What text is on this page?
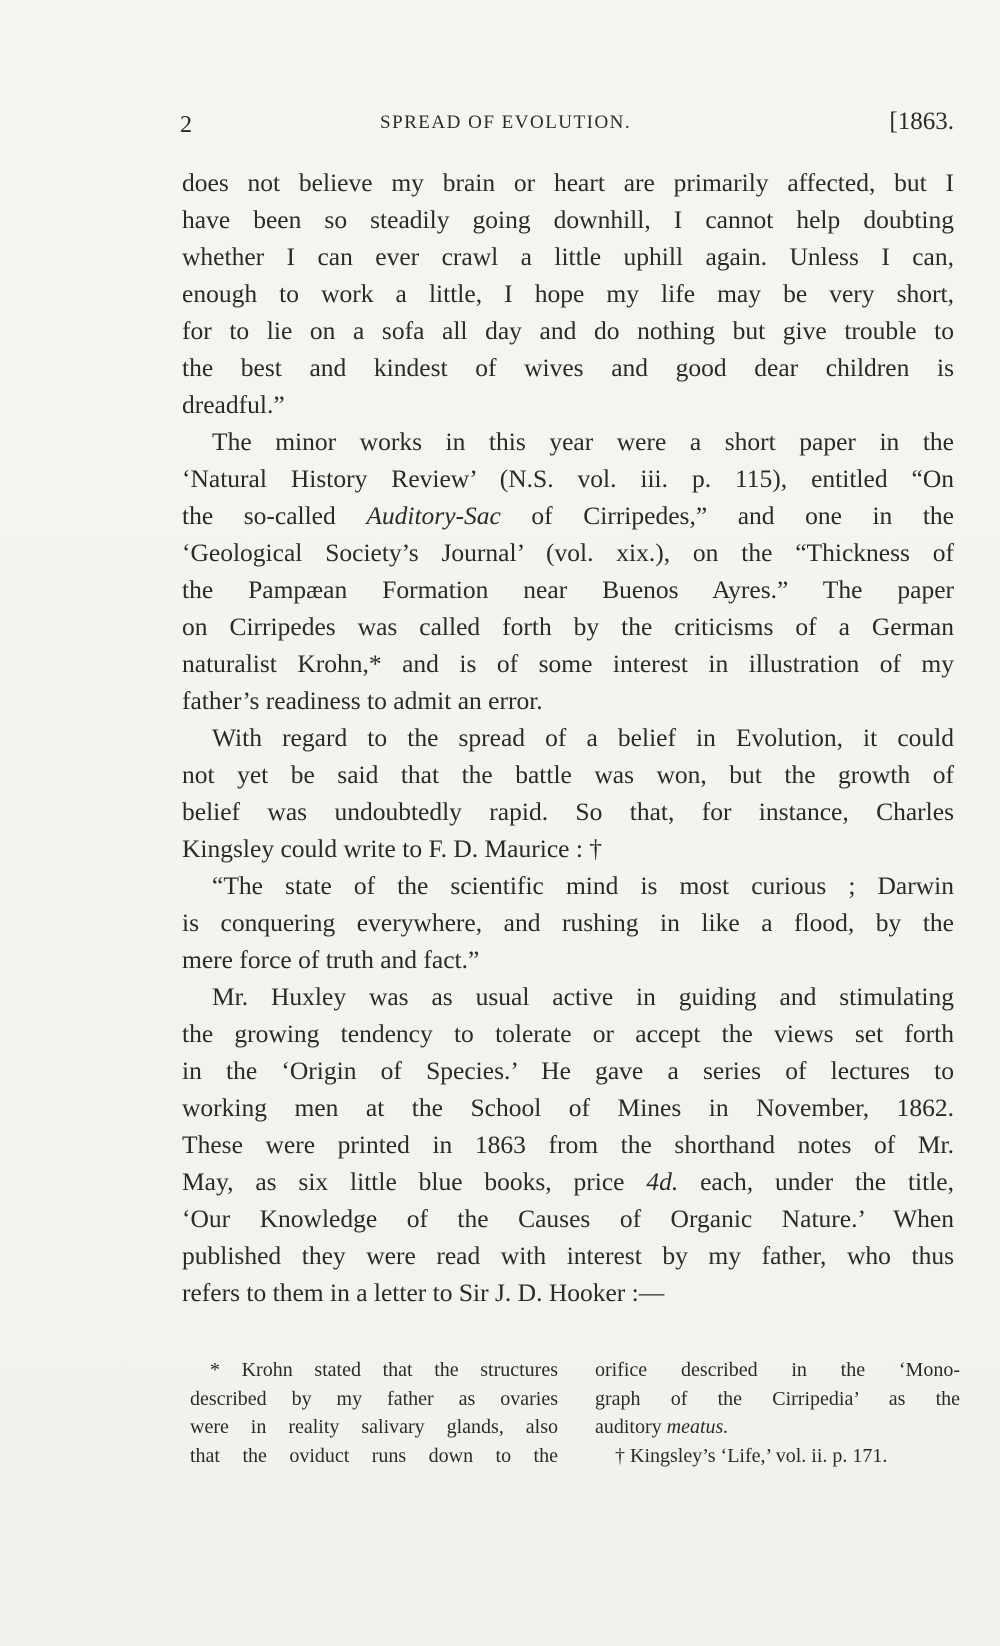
2	SPREAD OF EVOLUTION.	[1863.
does not believe my brain or heart are primarily affected, but I
have been so steadily going downhill, I cannot help doubting
whether I can ever crawl a little uphill again. Unless I can,
enough to work a little, I hope my life may be very short,
for to lie on a sofa all day and do nothing but give trouble to
the best and kindest of wives and good dear children is
dreadful.”
The minor works in this year were a short paper in the
‘Natural History Review’ (N.S. vol. iii. p. 115), entitled “On
the so-called Auditory-Sac of Cirripedes,” and one in the
‘Geological Society’s Journal’ (vol. xix.), on the “Thickness of
the Pampæan Formation near Buenos Ayres.” The paper
on Cirripedes was called forth by the criticisms of a German
naturalist Krohn,* and is of some interest in illustration of my
father’s readiness to admit an error.
With regard to the spread of a belief in Evolution, it could
not yet be said that the battle was won, but the growth of
belief was undoubtedly rapid. So that, for instance, Charles
Kingsley could write to F. D. Maurice : †
“The state of the scientific mind is most curious ; Darwin
is conquering everywhere, and rushing in like a flood, by the
mere force of truth and fact.”
Mr. Huxley was as usual active in guiding and stimulating
the growing tendency to tolerate or accept the views set forth
in the ‘Origin of Species.’ He gave a series of lectures to
working men at the School of Mines in November, 1862.
These were printed in 1863 from the shorthand notes of Mr.
May, as six little blue books, price 4d. each, under the title,
‘Our Knowledge of the Causes of Organic Nature.’ When
published they were read with interest by my father, who thus
refers to them in a letter to Sir J. D. Hooker :—
* Krohn stated that the structures
described by my father as ovaries
were in reality salivary glands, also
that the oviduct runs down to the
orifice described in the ‘Mono-
graph of the Cirripedia’ as the
auditory meatus.
† Kingsley’s ‘Life,’ vol. ii. p. 171.
